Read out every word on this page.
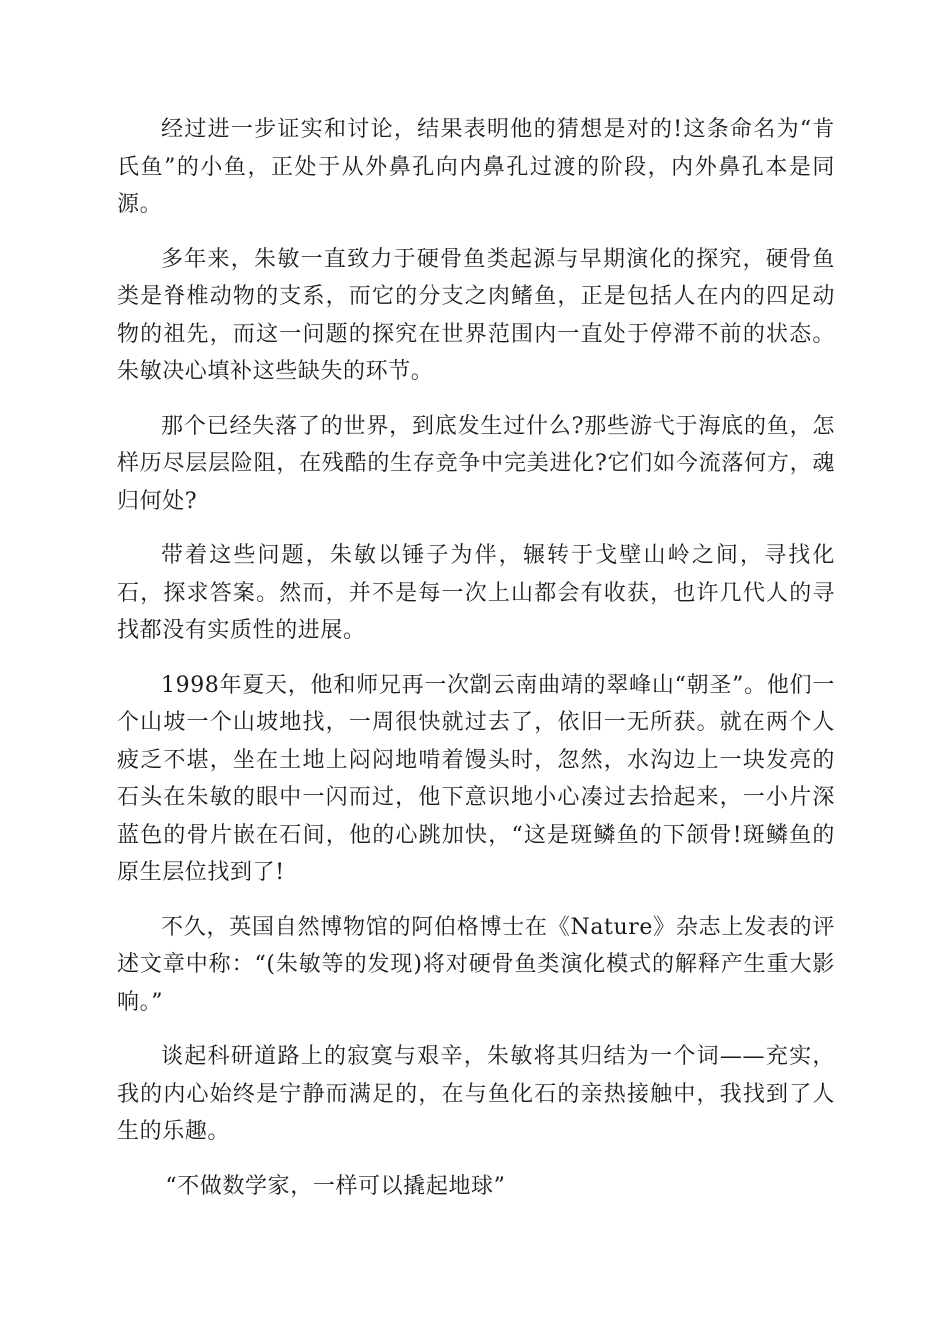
经过进一步证实和讨论，结果表明他的猜想是对的!这条命名为“肯氏鱼”的小鱼，正处于从外鼻孔向内鼻孔过渡的阶段，内外鼻孔本是同源。

多年来，朱敏一直致力于硬骨鱼类起源与早期演化的探究，硬骨鱼类是脊椎动物的支系，而它的分支之肉鳍鱼，正是包括人在内的四足动物的祖先，而这一问题的探究在世界范围内一直处于停滞不前的状态。朱敏决心填补这些缺失的环节。

那个已经失落了的世界，到底发生过什么?那些游弋于海底的鱼，怎样历尽层层险阻，在残酷的生存竞争中完美进化?它们如今流落何方，魂归何处?

带着这些问题，朱敏以锤子为伴，辗转于戈壁山岭之间，寻找化石，探求答案。然而，并不是每一次上山都会有收获，也许几代人的寻找都没有实质性的进展。

1998年夏天，他和师兄再一次劏云南曲靖的翠峰山“朝圣”。他们一个山坡一个山坡地找，一周很快就过去了，依旧一无所获。就在两个人疲乏不堪，坐在土地上闷闷地啃着馒头时，忽然，水沟边上一块发亮的石头在朱敏的眼中一闪而过，他下意识地小心凑过去拾起来，一小片深蓝色的骨片嵌在石间，他的心跳加快，“这是斑鳞鱼的下颌骨!斑鳞鱼的原生层位找到了!

不久，英国自然博物馆的阿伯格博士在《Nature》杂志上发表的评述文章中称：“(朱敏等的发现)将对硬骨鱼类演化模式的解释产生重大影响。”

谈起科研道路上的寂寞与艰辛，朱敏将其归结为一个词——充实，我的内心始终是宁静而满足的，在与鱼化石的亲热接触中，我找到了人生的乐趣。

“不做数学家，一样可以撬起地球”
